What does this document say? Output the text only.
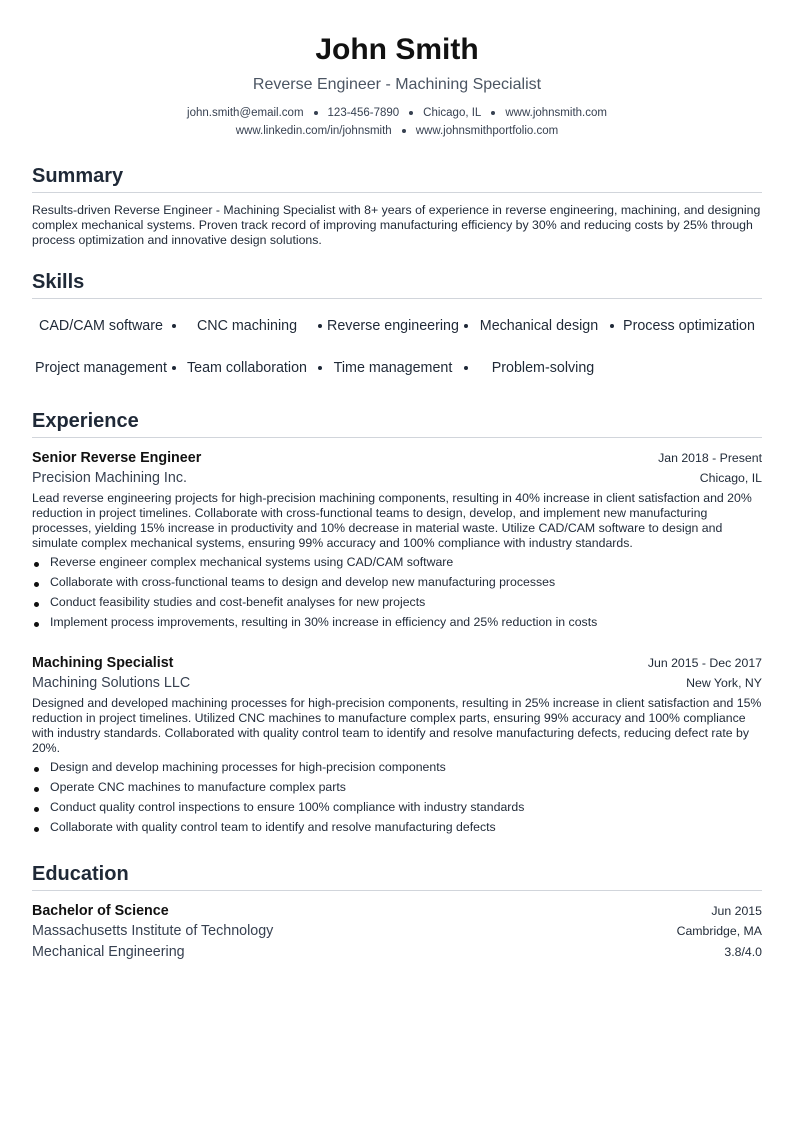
John Smith
Reverse Engineer - Machining Specialist
john.smith@email.com 123-456-7890 Chicago, IL www.johnsmith.com
www.linkedin.com/in/johnsmith www.johnsmithportfolio.com
Summary
Results-driven Reverse Engineer - Machining Specialist with 8+ years of experience in reverse engineering, machining, and designing complex mechanical systems. Proven track record of improving manufacturing efficiency by 30% and reducing costs by 25% through process optimization and innovative design solutions.
Skills
CAD/CAM software	CNC machining	Reverse engineering	Mechanical design	Process optimization
Project management	Team collaboration	Time management	Problem-solving
Experience
Senior Reverse Engineer	Jan 2018 - Present
Precision Machining Inc.	Chicago, IL
Lead reverse engineering projects for high-precision machining components, resulting in 40% increase in client satisfaction and 20% reduction in project timelines. Collaborate with cross-functional teams to design, develop, and implement new manufacturing processes, yielding 15% increase in productivity and 10% decrease in material waste. Utilize CAD/CAM software to design and simulate complex mechanical systems, ensuring 99% accuracy and 100% compliance with industry standards.
Reverse engineer complex mechanical systems using CAD/CAM software
Collaborate with cross-functional teams to design and develop new manufacturing processes
Conduct feasibility studies and cost-benefit analyses for new projects
Implement process improvements, resulting in 30% increase in efficiency and 25% reduction in costs
Machining Specialist	Jun 2015 - Dec 2017
Machining Solutions LLC	New York, NY
Designed and developed machining processes for high-precision components, resulting in 25% increase in client satisfaction and 15% reduction in project timelines. Utilized CNC machines to manufacture complex parts, ensuring 99% accuracy and 100% compliance with industry standards. Collaborated with quality control team to identify and resolve manufacturing defects, reducing defect rate by 20%.
Design and develop machining processes for high-precision components
Operate CNC machines to manufacture complex parts
Conduct quality control inspections to ensure 100% compliance with industry standards
Collaborate with quality control team to identify and resolve manufacturing defects
Education
Bachelor of Science	Jun 2015
Massachusetts Institute of Technology	Cambridge, MA
Mechanical Engineering	3.8/4.0
